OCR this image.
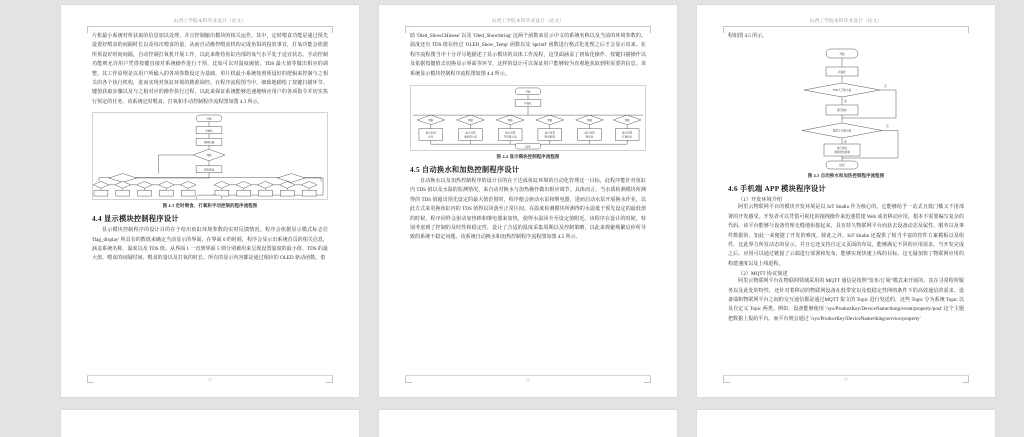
山西工学院本科毕业设计（论文）

片机最小系统对所获取的信息加以处理，并且控制输出模块的相关运作。其中，定时喂食功能是通过预先设置好喂食的间隔时长以及每次喂食的量，从而自动操控喂食机构完成鱼饵的投放事宜，打氧功能会依据所预设好时间间隔，自动控制打氧机开展工作，以此来维持鱼缸内部的氧气水平处于适宜状态。手动控制功能则允许用户凭借按键直接对系统操作进行干预，比如可以对温度阈值、TDS 最大值等做出相应的调整。其工作原理是以用户所输入的各项参数设定为基础，单片机最小系统按照预设好的逻辑来控制与之相关的各个执行机构，进而实现对鱼缸环境的精准调控。在程序流程图当中，细致地描绘了按键扫描环节、键值获取步骤以及与之相对应的操作执行过程，以此来保证系统能够迅速地响应用户的各项指令并切实执行预定的任务。该系统定时喂食、打氧和手动控制程序流程图如图 4.3 所示。

开始
初始化
按键扫描
判断
获取键值
图 4.3 定时喂食、打氧和手动控制的程序流程图
4.4 显示模块控制程序设计

显示模块控制程序的设计目的在于给出鱼缸环境参数的实时反馈情况。程序会依据显示模式标志位 'flag_display' 所具有的数值来确定当前显示的界面，在界面 0 的时候，程序会显示出系统首页的相关信息，涵盖系统名称、温度以及 TDS 值。从界面 1 一直到界面 5 则分别被用来呈现设置温度的最小值、TDS 的最大值、喂食的间隔时间、喂食的量以及打氧的时长。所有的显示内容都是通过相应的 OLED 驱动函数，借

25
山西工学院本科毕业设计（论文）

助 'Oled_ShowCHinese' 以及 'Oled_ShowString' 这两个函数来显示中文的系统名称以及当前的环境参数的。温度还有 TDS 值在经过 'OLED_Show_Temp' 函数以及 'sprintf' 函数进行格式化处理之后才会显示出来。在程序流程图当中十分详尽地描述了显示模块的具体工作流程，这里面涵盖了初始化操作、按键扫描操作以及依据按键值去切换显示界面等环节，这样的设计可以保证用户能够较为直观地获取到所需要的信息。该系统显示模块控制程序流程图如图 4.4 所示。

开始
初始化
结束
判断	判断	判断	判断	判断	判断
显示系统
首页
显示设置
温度最小值
显示设置
TDS最大值
显示设置
喂食间隔
显示设置
喂食量
显示设置
打氧时长
图 4.4 显示模块控制程序流程图
4.5 自动换水和加热控制程序设计

自动换水以及加热控制程序的设计目的在于达成鱼缸环境的自动化管理这一目标，此程序能针对鱼缸内 TDS 值以及水温的监测情况，来自动对换水与加热操作做出相应调节。具体而言，当水质检测模块所测得的 TDS 值超出预先设定的最大值范围时，程序便会驱动水泵和继电器，进而启动水泵开展换水作业，以此方式来更换鱼缸内的 TDS 值得以回落至正常区间。在温度检测模块所测得的水温低于预先设定的最低值的时候，程序同样会驱动加热棒和继电器来加热，使得水温回升至设定值附近。该程序在设计的时候，特别考虑到了控制的及时性和稳定性，设计了合适的温度采集周期以及控制策略，以此来规避频繁启停所导致的系统不稳定问题。该系统自动换水和加热控制程序流程图如图 4.5 所示。

26
山西工学院本科毕业设计（论文）

程如图 4.5 所示。

开始
初始化
TDS大于最大值
进行换水
温度小于最小值
进行加热
继续加热控制
结束
否
否
是
是
图 4.5 自动换水和加热控制程序流程图
4.6 手机端 APP 模块程序设计
（1）开发环境介绍

阿里云物联网平台的模块开发环境是以 IoT Studio 作为核心的。它能够给予一站式且低门槛又不用部署的开发感受。开发者可以凭借可视化的拖拽操作来迅速搭建 Web 或者移动应用，根本不需要编写复杂的代码。该平台能够与设备管理无缝地衔接起来，具有持久物联网平台而获去设备动态及属性、服务以及事件数据的，知此一来便捷了开发的难度。除此之外，IoT Studio 还提供了相当丰富的控件方案模板以及组件，比此界力所发动态的显示，并且它还支持自定义页面的布局，能够满足不同的应用需求。当开发完成之后，应用可以通过链接了云端进行部署和发布，能够实现快速上线的目标。这无疑加快了物联网应用的构建速度以及上线进程。

（2）MQTT 协议简述

阿里云物联网平台在物联网领域采用的 MQTT 通信是按照"发布/订阅"模式来开展的。其在寻常程所服务以及此处的特性，还针对着移动的物联网设备在低带宽以及低稳定性网络条件下的高效通信的需求。设备端和物联网平台之间的交互通信都是通过MQTT 报文的 Topic 进行发送的，这些 Topic 分为系统 Topic 以及自定义 Topic 两类。例如，设备能够使用 '/sys/ProductKey/DeviceName/thing/event/property/post' 这个主题把数据上报给平台。而平台则会通过 '/sys/ProductKey/DeviceName/thing/service/property'

27
